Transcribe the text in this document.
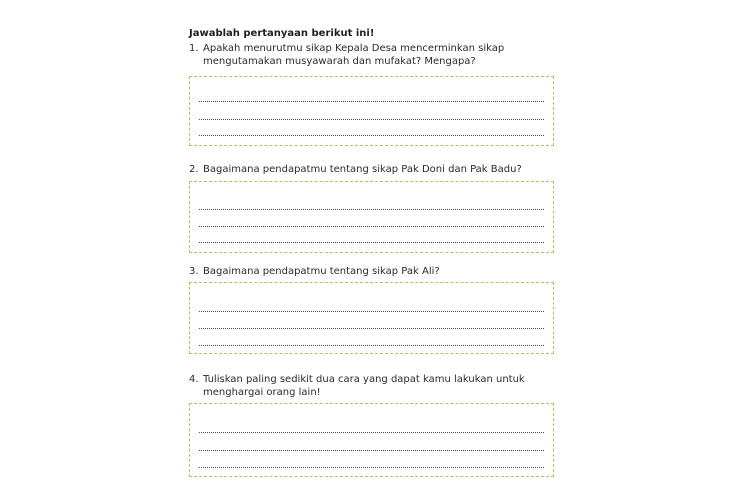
Jawablah pertanyaan berikut ini!
1. Apakah menurutmu sikap Kepala Desa mencerminkan sikap mengutamakan musyawarah dan mufakat? Mengapa?
2. Bagaimana pendapatmu tentang sikap Pak Doni dan Pak Badu?
3. Bagaimana pendapatmu tentang sikap Pak Ali?
4. Tuliskan paling sedikit dua cara yang dapat kamu lakukan untuk menghargai orang lain!
